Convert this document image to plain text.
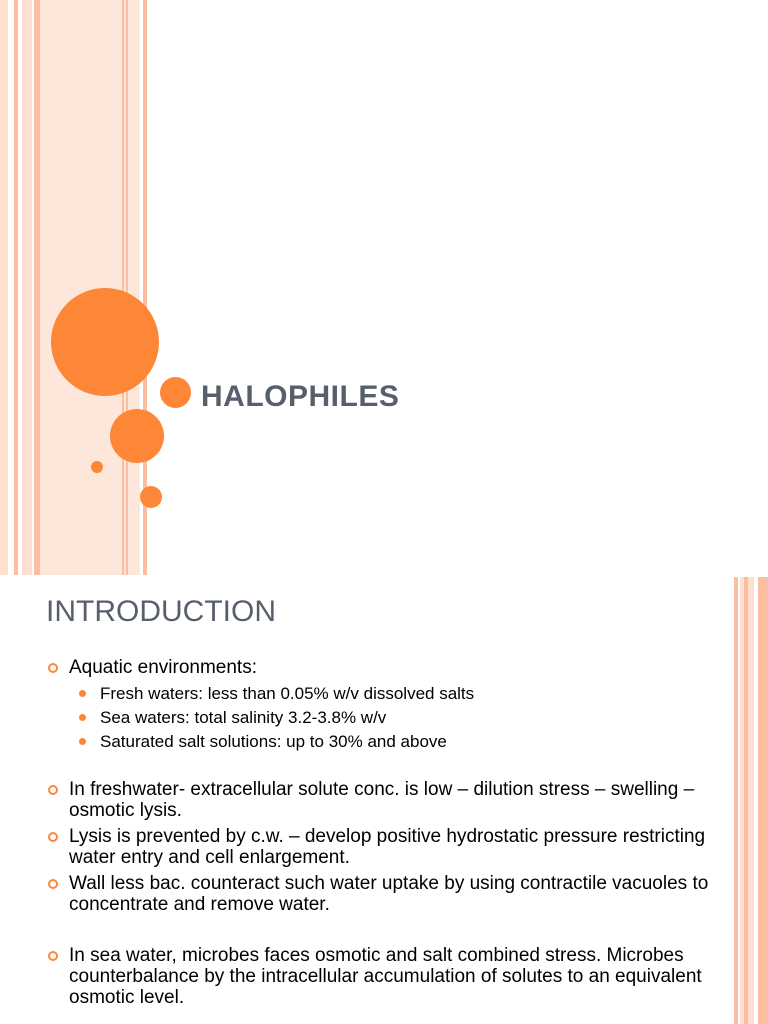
HALOPHILES
INTRODUCTION
Aquatic environments:
Fresh waters: less than 0.05% w/v dissolved salts
Sea waters: total salinity 3.2-3.8% w/v
Saturated salt solutions: up to 30% and above
In freshwater- extracellular solute conc. is low – dilution stress – swelling – osmotic lysis.
Lysis is prevented by c.w. – develop positive hydrostatic pressure restricting water entry and cell enlargement.
Wall less bac. counteract such water uptake by using contractile vacuoles to concentrate and remove water.
In sea water, microbes faces osmotic and salt combined stress. Microbes counterbalance by the intracellular accumulation of solutes to an equivalent osmotic level.
